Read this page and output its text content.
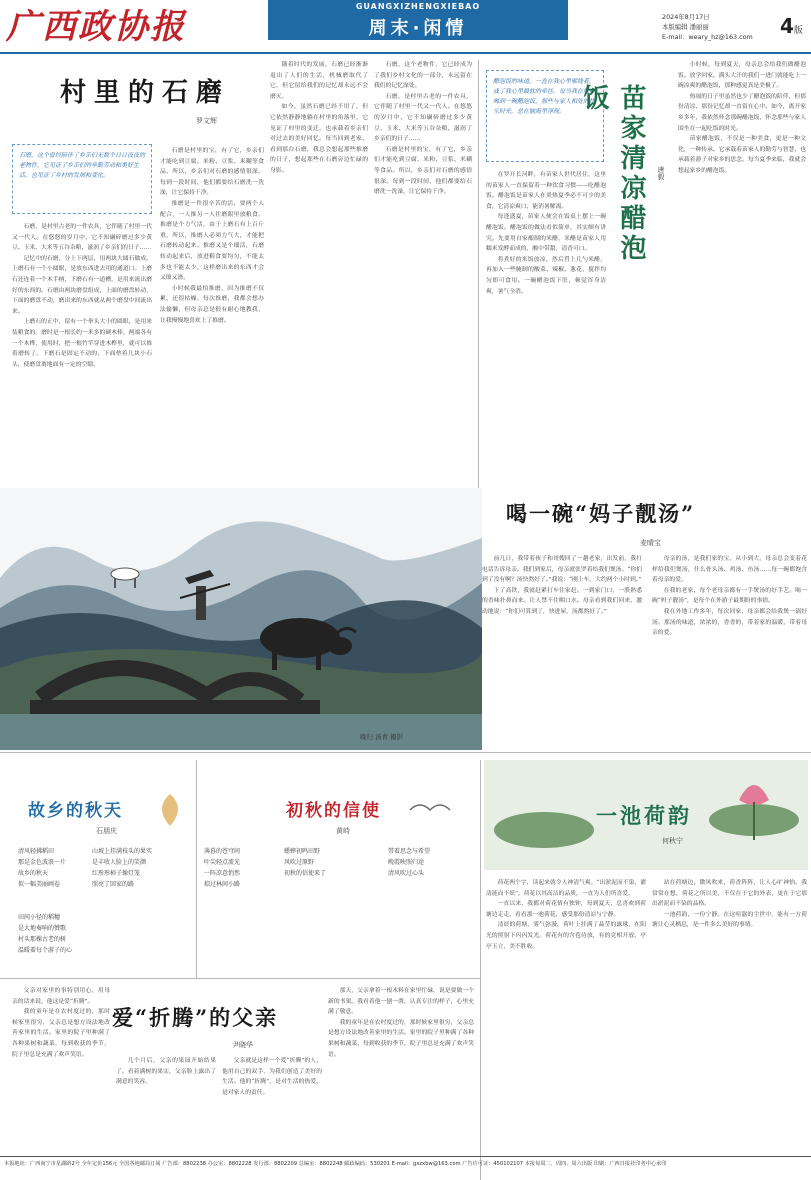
广西政协报
GUANGXIZHENGXIEBAO
周末·闲情
2024年8月17日
本版编辑 潘丽丽
E-mail：weary_hz@163.com	4版
村里的石磨
罗文辉
石磨，这个曾经陪伴了乡亲们无数个日日夜夜的老物件，它见证了乡亲们的辛勤劳动和美好生活，也见证了乡村的发展和变化。

石磨，是村里古老的一件农具，它伴随了村里一代又一代人。在悠悠的岁月中，它不知碾碎磨过多少黄豆、玉米、大米等五谷杂粮，滋润了乡亲们的日子……

记忆中的石磨，分上下两层，用两块大圆石做成。上磨石有一个小圆眼，是放东西进去用的通道口。上磨石还连着一个木手柄，下磨石有一道槽，是用来流出磨好的东西的。石磨由两块磨盘组成，上面的磨盘转动，下面的磨盘不动，磨出来的东西就从两个磨盘中间流出来。

上磨石的正中，留有一个拳头大小的圆眼，是用来装粮食的。磨时是一根长约一米多的硬木棒，两端各有一个木榫，使用时，把一根竹竿穿进木榫里，就可以推着磨转了。下磨石是固定不动的，下面垫着几块小石头，使磨盘离地面有一定的空隙。

石磨是村里的宝，有了它，乡亲们才能吃到豆腐、米粉、豆浆、米糊等食品。所以，乡亲们对石磨的感情很深。每到一段时间，他们都要给石磨洗一洗澡，让它保持干净。

推磨是一件很辛苦的活，要两个人配合，一人推另一人往磨眼里放粮食。推磨是个力气活，由于上磨石有上百斤重，所以，推磨人必须力气大，才能把石磨转动起来。推磨又是个细活，石磨转动起来后，放进粮食要均匀，不能太多也不能太少，这样磨出来的东西才会又细又滑。

小时候我最怕推磨，因为推磨不仅累，还很枯燥。每次推磨，我都会想办法偷懒，但母亲总是很有耐心地教我，让我慢慢地喜欢上了推磨。

随着时代的发展，石磨已经渐渐退出了人们的生活，机械磨取代了它，但它留给我们的记忆却永远不会磨灭。

如今，虽然石磨已经不用了，但它依然静静地躺在村里的角落里，它见证了村里的变迁，也承载着乡亲们对过去的美好回忆。每当回到老家，看到那台石磨，我总会想起那些推磨的日子，想起那些在石磨旁边忙碌的身影。

石磨，这个老物件，它已经成为了我们乡村文化的一部分，永远留在我们的记忆深处。

石磨，是村里古老的一件农具，它伴随了村里一代又一代人。在悠悠的岁月中，它不知碾碎磨过多少黄豆、玉米、大米等五谷杂粮，滋润了乡亲们的日子……

石磨是村里的宝，有了它，乡亲们才能吃到豆腐、米粉、豆浆、米糊等食品。所以，乡亲们对石磨的感情很深。每到一段时间，他们都要给石磨洗一洗澡，让它保持干净。

醋泡饭的味道，一直在我心里萦绕着，成了我心里最软的牵挂。每当我在城市喝到一碗醋泡饭，那些与家人相处的快乐时光，总在脑海里浮现。	苗家清凉醋泡饭
唐毅

在罗开长河畔，有苗家人世代居住，这里的苗家人一直保留着一种饮食习惯——吃醋泡饭。醋泡饭是苗家人在炎热夏季必不可少的美食，它清凉爽口，能消暑解渴。

每逢盛夏，苗家人便会在饭桌上摆上一碗醋泡饭。醋泡饭的做法看似简单，其实颇有讲究。先要用自家酿制的米醋，米醋是苗家人用糯米发酵而成的，酸中带甜，清香可口。

将煮好的米饭放凉，然后舀上几勺米醋，再加入一些腌制的酸菜、辣椒、葱花，搅拌均匀即可食用。一碗醋泡饭下肚，顿觉浑身清爽，暑气全消。

小时候，每到夏天，母亲总会给我们做醋泡饭。放学回家，满头大汗的我们一进门就能吃上一碗凉爽的醋泡饭，那种感觉真是美极了。

热闹的日子里虽然也少了醋泡饭的陪伴，但那份清凉、那份记忆却一直留在心中。如今，离开家乡多年，我依然怀念那碗醋泡饭，怀念那些与家人围坐在一起吃饭的时光。

苗家醋泡饭，不仅是一种美食，更是一种文化，一种传承。它承载着苗家人的勤劳与智慧，也承载着游子对家乡的思念。每当夏季来临，我就会想起家乡的醋泡饭。

晚归 汤青 摄影
喝一碗“妈子靓汤”
麦晴宝

前几日，我带着孩子和哥嫂回了一趟老家，出发前，我打电话告诉母亲。我们到家后，母亲就张罗着给我们煲汤。“你们到了没有啊？汤快熬好了。”我说：“刚上车，大约两个小时到。”

下了高铁，我就赶紧打车往家赶。一到家门口，一股熟悉的香味扑鼻而来。让人禁不住咽口水。母亲看到我们回来，激动地说：“你们可算到了，快进屋，汤都熬好了。”

母亲的汤，是我们家的宝。从小到大，母亲总会变着花样给我们煲汤，什么骨头汤、鸡汤、鱼汤……每一碗都饱含着母亲的爱。

在我的老家，每个老母亲都有一手煲汤的好手艺。喝一碗“妈子靓汤”，是每个在外游子最期盼的事情。

我在外地工作多年，每次回家，母亲都会给我煲一锅好汤。那汤的味道，浓浓的，香香的，带着家的温暖，带着母亲的爱。

故乡的秋天
石朋庆
清风轻拂稻田
那是金色波浪一片
故乡的秋天
似一幅美丽画卷
山坡上挂满枝头的果实
是丰收人脸上的笑颜
红彤彤柿子像灯笼
照亮了回家的路
田间小径的稻穗
是大地奏响的赞歌
村头那棵古老的树
温暖着每个游子的心
初秋的信使
黄峙
薄暮的苍穹间
叶尖轻点流光
一阵凉意悄然
掠过林间小路
蟋蟀初鸣田野
风吹过原野
初秋的信使来了
带着思念与希望
晚霞映照归途
清风吹过心头
一池荷韵
何秋宁

荷花两个字，读起来就令人神清气爽。“出淤泥而不染，濯清涟而不妖”，荷花以其高洁的品质，一直为人们所喜爱。

一直以来，我都对荷花情有独钟，每到夏天，总喜欢到荷塘边走走，看看那一池荷花，感受那份清凉与宁静。

清晨的荷塘，雾气弥漫，荷叶上挂满了晶莹的露珠，在阳光的照射下闪闪发光。荷花有的含苞待放，有的竞相开放，亭亭玉立，美不胜收。

站在荷塘边，微风吹来，荷香阵阵，让人心旷神怡。我常常在想，荷花之所以美，不仅在于它的外表，更在于它那出淤泥而不染的品格。

一池荷韵，一份宁静。在这喧嚣的尘世中，能有一方荷塘让心灵栖息，是一件多么美好的事情。

父亲对家里的事特别用心，用母亲的话来说，他这是爱“折腾”。

我的童年是在农村度过的，那时候家里很穷，父亲总是想方设法地改善家里的生活。家里的院子里种满了各种果树和蔬菜，每到收获的季节，院子里总是充满了欢声笑语。

爱“折腾”的父亲
尹晓华

几个月后，父亲的果园开始结果了。看着满树的果实，父亲脸上露出了满意的笑容。

父亲就是这样一个爱“折腾”的人，他用自己的双手，为我们创造了美好的生活。他的“折腾”，是对生活的热爱，是对家人的责任。

那天，父亲拿着一根木料在家里忙碌，说是要做一个新的书架。我看着他一刨一凿，认真专注的样子，心里充满了敬意。

我的童年是在农村度过的，那时候家里很穷，父亲总是想方设法地改善家里的生活。家里的院子里种满了各种果树和蔬菜，每到收获的季节，院子里总是充满了欢声笑语。

本报地址：广西南宁市星湖路2号 全年定价156元 全国各地邮局订阅 广告部：8802238 办公室：8802228 发行部：8802209 总编室：8802248 邮政编码：530201 E-mail：gxzxbw@163.com 广告许可证：450102107 本报每周二、周四、周六出版 印刷：广西日报社印务中心承印
